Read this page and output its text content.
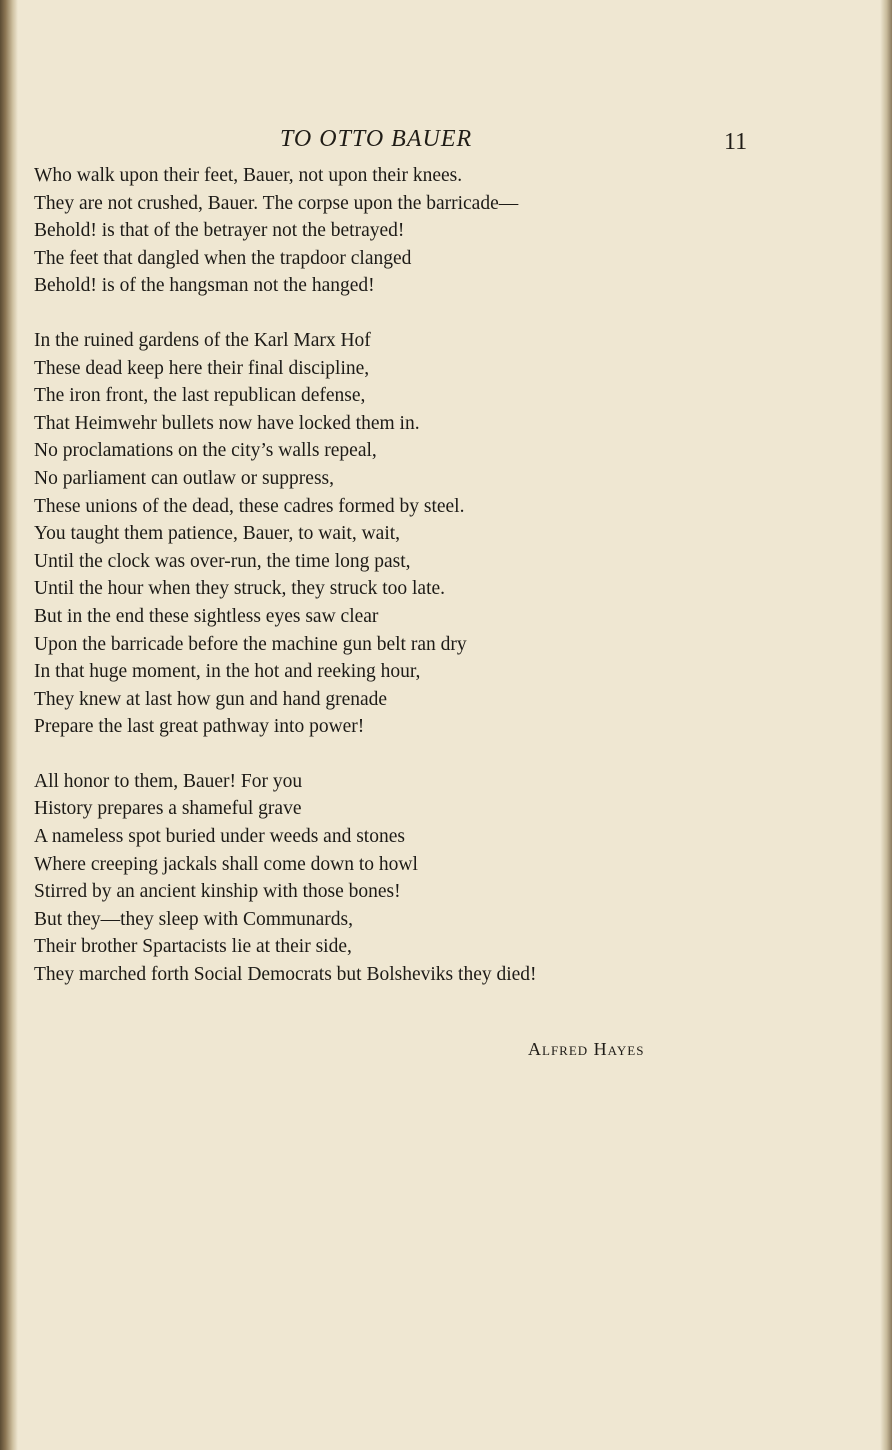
TO OTTO BAUER	11
Who walk upon their feet, Bauer, not upon their knees.
They are not crushed, Bauer. The corpse upon the barricade—
Behold! is that of the betrayer not the betrayed!
The feet that dangled when the trapdoor clanged
Behold! is of the hangsman not the hanged!
In the ruined gardens of the Karl Marx Hof
These dead keep here their final discipline,
The iron front, the last republican defense,
That Heimwehr bullets now have locked them in.
No proclamations on the city’s walls repeal,
No parliament can outlaw or suppress,
These unions of the dead, these cadres formed by steel.
You taught them patience, Bauer, to wait, wait,
Until the clock was over-run, the time long past,
Until the hour when they struck, they struck too late.
But in the end these sightless eyes saw clear
Upon the barricade before the machine gun belt ran dry
In that huge moment, in the hot and reeking hour,
They knew at last how gun and hand grenade
Prepare the last great pathway into power!
All honor to them, Bauer! For you
History prepares a shameful grave
A nameless spot buried under weeds and stones
Where creeping jackals shall come down to howl
Stirred by an ancient kinship with those bones!
But they—they sleep with Communards,
Their brother Spartacists lie at their side,
They marched forth Social Democrats but Bolsheviks they died!
Alfred Hayes
